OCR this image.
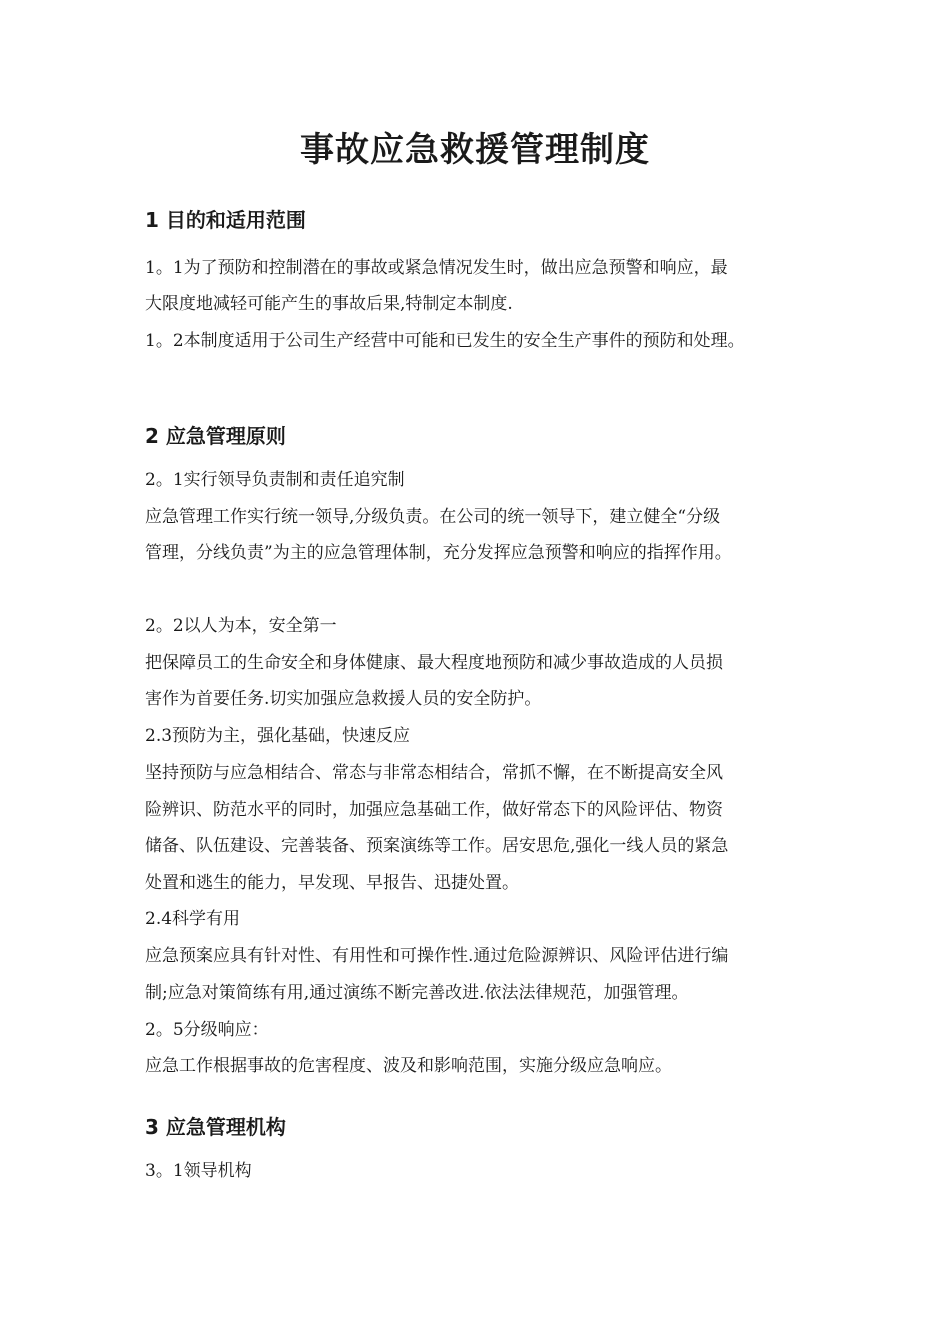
事故应急救援管理制度
1 目的和适用范围
1。1为了预防和控制潜在的事故或紧急情况发生时，做出应急预警和响应，最
大限度地减轻可能产生的事故后果,特制定本制度.
1。2本制度适用于公司生产经营中可能和已发生的安全生产事件的预防和处理。
2 应急管理原则
2。1实行领导负责制和责任追究制
应急管理工作实行统一领导,分级负责。在公司的统一领导下，建立健全“分级
管理，分线负责”为主的应急管理体制，充分发挥应急预警和响应的指挥作用。
2。2以人为本，安全第一
把保障员工的生命安全和身体健康、最大程度地预防和减少事故造成的人员损
害作为首要任务.切实加强应急救援人员的安全防护。
2.3预防为主，强化基础，快速反应
坚持预防与应急相结合、常态与非常态相结合，常抓不懈，在不断提高安全风
险辨识、防范水平的同时，加强应急基础工作，做好常态下的风险评估、物资
储备、队伍建设、完善装备、预案演练等工作。居安思危,强化一线人员的紧急
处置和逃生的能力，早发现、早报告、迅捷处置。
2.4科学有用
应急预案应具有针对性、有用性和可操作性.通过危险源辨识、风险评估进行编
制;应急对策简练有用,通过演练不断完善改进.依法法律规范，加强管理。
2。5分级响应：
应急工作根据事故的危害程度、波及和影响范围，实施分级应急响应。
3 应急管理机构
3。1领导机构
